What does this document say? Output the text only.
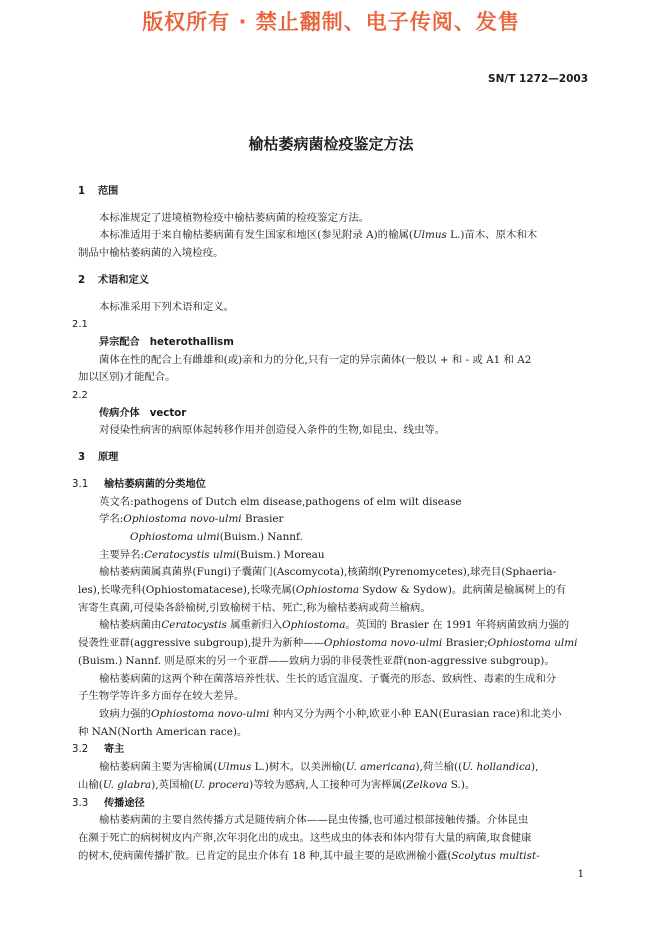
版权所有 · 禁止翻制、电子传阅、发售
SN/T 1272—2003
榆枯萎病菌检疫鉴定方法
1 范围
本标准规定了进境植物检疫中榆枯萎病菌的检疫鉴定方法。
本标准适用于来自榆枯萎病菌有发生国家和地区(参见附录 A)的榆属(Ulmus L.)苗木、原木和木
制品中榆枯萎病菌的入境检疫。
2 术语和定义
本标准采用下列术语和定义。
2.1
异宗配合 heterothallism
菌体在性的配合上有雌雄和(或)亲和力的分化,只有一定的异宗菌体(一般以 + 和 - 或 A1 和 A2
加以区别)才能配合。
2.2
传病介体 vector
对侵染性病害的病原体起转移作用并创造侵入条件的生物,如昆虫、线虫等。
3 原理
3.1 榆枯萎病菌的分类地位
英文名:pathogens of Dutch elm disease,pathogens of elm wilt disease
学名:Ophiostoma novo-ulmi Brasier
Ophiostoma ulmi(Buism.) Nannf.
主要异名:Ceratocystis ulmi(Buism.) Moreau
榆枯萎病菌属真菌界(Fungi)子囊菌门(Ascomycota),核菌纲(Pyrenomycetes),球壳目(Sphaeria-
les),长喙壳科(Ophiostomatacese),长喙壳属(Ophiostoma Sydow & Sydow)。此病菌是榆属树上的有
害寄生真菌,可侵染各龄榆树,引致榆树干枯、死亡,称为榆枯萎病或荷兰榆病。
榆枯萎病菌由Ceratocystis 属重新归入Ophiostoma。英国的 Brasier 在 1991 年将病菌致病力强的
侵袭性亚群(aggressive subgroup),提升为新种——Ophiostoma novo-ulmi Brasier;Ophiostoma ulmi
(Buism.) Nannf. 则是原来的另一个亚群——致病力弱的非侵袭性亚群(non-aggressive subgroup)。
榆枯萎病菌的这两个种在菌落培养性状、生长的适宜温度、子囊壳的形态、致病性、毒素的生成和分
子生物学等许多方面存在较大差异。
致病力强的Ophiostoma novo-ulmi 种内又分为两个小种,欧亚小种 EAN(Eurasian race)和北美小
种 NAN(North American race)。
3.2 寄主
榆枯萎病菌主要为害榆属(Ulmus L.)树木。以美洲榆(U. americana),荷兰榆((U. hollandica),
山榆(U. glabra),英国榆(U. procera)等较为感病,人工接种可为害榉属(Zelkova S.)。
3.3 传播途径
榆枯萎病菌的主要自然传播方式是随传病介体——昆虫传播,也可通过根部接触传播。介体昆虫
在濒于死亡的病树树皮内产卵,次年羽化出的成虫。这些成虫的体表和体内带有大量的病菌,取食健康
的树木,使病菌传播扩散。已肯定的昆虫介体有 18 种,其中最主要的是欧洲榆小蠹(Scolytus multist-
1
